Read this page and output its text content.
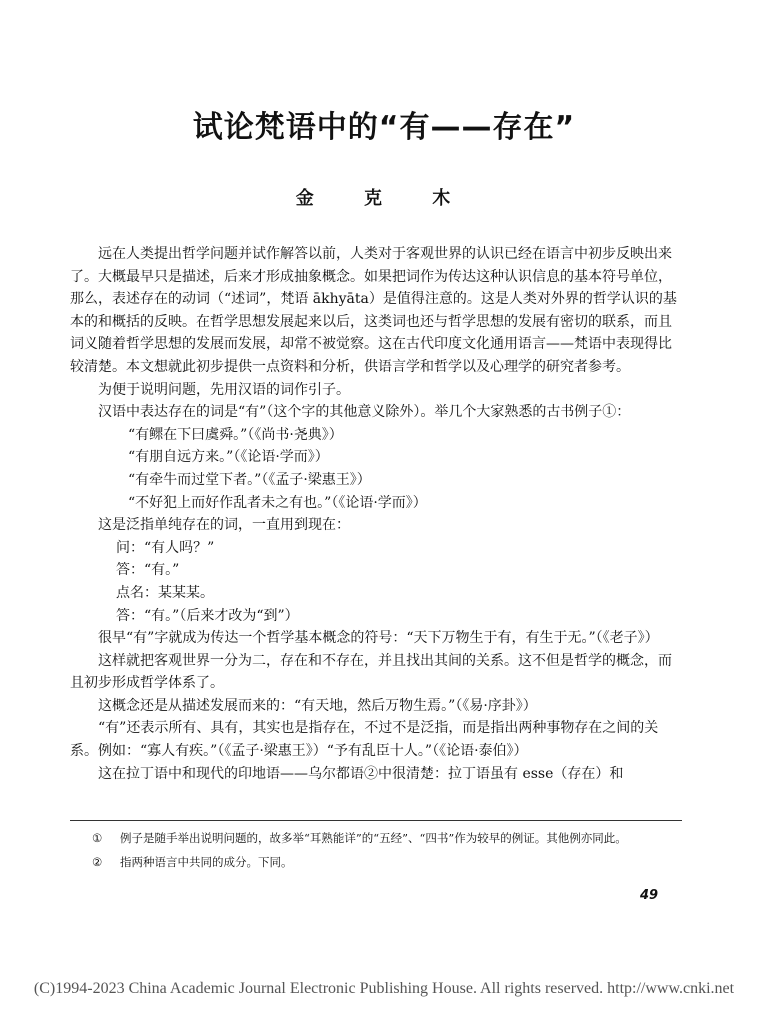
试论梵语中的“有——存在”
金 克 木

远在人类提出哲学问题并试作解答以前，人类对于客观世界的认识已经在语言中初步反映出来了。大概最早只是描述，后来才形成抽象概念。如果把词作为传达这种认识信息的基本符号单位，那么，表述存在的动词（“述词”，梵语 ākhyāta）是值得注意的。这是人类对外界的哲学认识的基本的和概括的反映。在哲学思想发展起来以后，这类词也还与哲学思想的发展有密切的联系，而且词义随着哲学思想的发展而发展，却常不被觉察。这在古代印度文化通用语言——梵语中表现得比较清楚。本文想就此初步提供一点资料和分析，供语言学和哲学以及心理学的研究者参考。

为便于说明问题，先用汉语的词作引子。

汉语中表达存在的词是“有”（这个字的其他意义除外）。举几个大家熟悉的古书例子①：

“有鳏在下曰虞舜。”（《尚书·尧典》）

“有朋自远方来。”（《论语·学而》）

“有牵牛而过堂下者。”（《孟子·梁惠王》）

“不好犯上而好作乱者未之有也。”（《论语·学而》）

这是泛指单纯存在的词，一直用到现在：

问：“有人吗？”

答：“有。”

点名：某某某。

答：“有。”（后来才改为“到”）

很早“有”字就成为传达一个哲学基本概念的符号：“天下万物生于有，有生于无。”（《老子》）

这样就把客观世界一分为二，存在和不存在，并且找出其间的关系。这不但是哲学的概念，而且初步形成哲学体系了。

这概念还是从描述发展而来的：“有天地，然后万物生焉。”（《易·序卦》）

“有”还表示所有、具有，其实也是指存在，不过不是泛指，而是指出两种事物存在之间的关系。例如：“寡人有疾。”（《孟子·梁惠王》）“予有乱臣十人。”（《论语·泰伯》）

这在拉丁语中和现代的印地语——乌尔都语②中很清楚：拉丁语虽有 esse（存在）和

①	例子是随手举出说明问题的，故多举“耳熟能详”的“五经”、“四书”作为较早的例证。其他例亦同此。
②	指两种语言中共同的成分。下同。
49
(C)1994-2023 China Academic Journal Electronic Publishing House. All rights reserved. http://www.cnki.net
